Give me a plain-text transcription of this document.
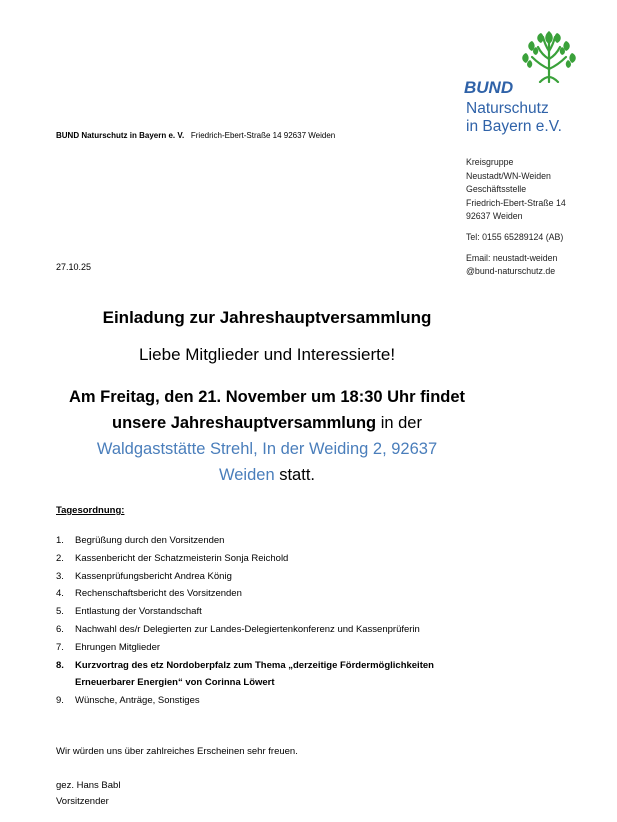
BUND Naturschutz in Bayern e. V. Friedrich-Ebert-Straße 14 92637 Weiden
BUND
Naturschutz
in Bayern e.V.
Kreisgruppe
Neustadt/WN-Weiden
Geschäftsstelle
Friedrich-Ebert-Straße 14
92637 Weiden
Tel: 0155 65289124 (AB)
Email: neustadt-weiden
@bund-naturschutz.de
27.10.25
Einladung zur Jahreshauptversammlung
Liebe Mitglieder und Interessierte!
Am Freitag, den 21. November um 18:30 Uhr findet
unsere Jahreshauptversammlung in der
Waldgaststätte Strehl, In der Weiding 2, 92637
Weiden statt.
Tagesordnung:
1.	Begrüßung durch den Vorsitzenden
2.	Kassenbericht der Schatzmeisterin Sonja Reichold
3.	Kassenprüfungsbericht Andrea König
4.	Rechenschaftsbericht des Vorsitzenden
5.	Entlastung der Vorstandschaft
6.	Nachwahl des/r Delegierten zur Landes-Delegiertenkonferenz und Kassenprüferin
7.	Ehrungen Mitglieder
8.	Kurzvortrag des etz Nordoberpfalz zum Thema „derzeitige Fördermöglichkeiten Erneuerbarer Energien“ von Corinna Löwert
9.	Wünsche, Anträge, Sonstiges
Wir würden uns über zahlreiches Erscheinen sehr freuen.
gez. Hans Babl
Vorsitzender
